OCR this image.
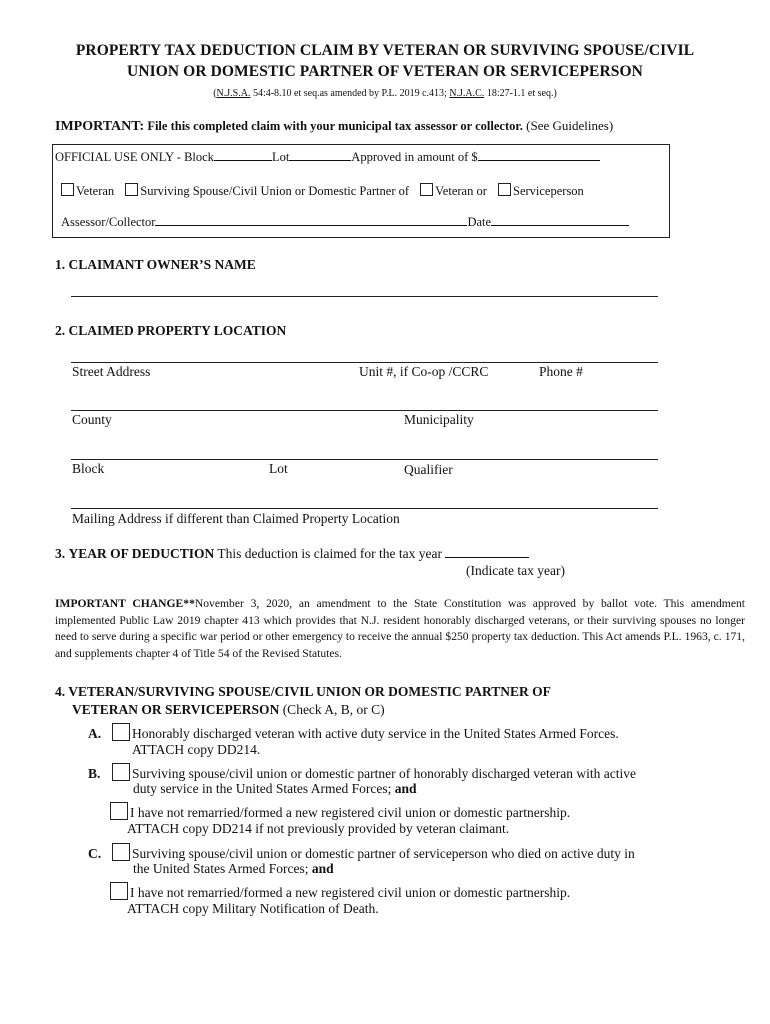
PROPERTY TAX DEDUCTION CLAIM BY VETERAN OR SURVIVING SPOUSE/CIVIL
UNION OR DOMESTIC PARTNER OF VETERAN OR SERVICEPERSON
(N.J.S.A. 54:4-8.10 et seq.as amended by P.L. 2019 c.413; N.J.A.C. 18:27-1.1 et seq.)
IMPORTANT: File this completed claim with your municipal tax assessor or collector. (See Guidelines)
OFFICIAL USE ONLY - Block	Lot	Approved in amount of $
Veteran Surviving Spouse/Civil Union or Domestic Partner of Veteran or Serviceperson
Assessor/Collector	Date
1. CLAIMANT OWNER’S NAME
2. CLAIMED PROPERTY LOCATION
Street Address	Unit #, if Co-op /CCRC	Phone #
County	Municipality
Block	Lot	Qualifier
Mailing Address if different than Claimed Property Location
3. YEAR OF DEDUCTION This deduction is claimed for the tax year
(Indicate tax year)
IMPORTANT CHANGE**November 3, 2020, an amendment to the State Constitution was approved by ballot vote. This amendment implemented Public Law 2019 chapter 413 which provides that N.J. resident honorably discharged veterans, or their surviving spouses no longer need to serve during a specific war period or other emergency to receive the annual $250 property tax deduction. This Act amends P.L. 1963, c. 171, and supplements chapter 4 of Title 54 of the Revised Statutes.
4. VETERAN/SURVIVING SPOUSE/CIVIL UNION OR DOMESTIC PARTNER OF
VETERAN OR SERVICEPERSON (Check A, B, or C)
A. Honorably discharged veteran with active duty service in the United States Armed Forces.
ATTACH copy DD214.
B. Surviving spouse/civil union or domestic partner of honorably discharged veteran with active
duty service in the United States Armed Forces; and
I have not remarried/formed a new registered civil union or domestic partnership.
ATTACH copy DD214 if not previously provided by veteran claimant.
C. Surviving spouse/civil union or domestic partner of serviceperson who died on active duty in
the United States Armed Forces; and
I have not remarried/formed a new registered civil union or domestic partnership.
ATTACH copy Military Notification of Death.
